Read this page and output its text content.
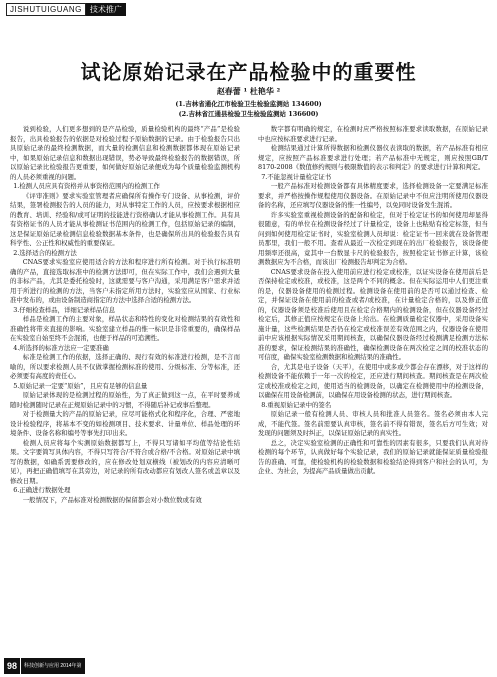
JISHUTUIGUANG	技术推广
试论原始记录在产品检验中的重要性
赵春蕾 ¹ 杜艳华 ²
(1.吉林省通化江市检验卫生检验监测站 134600)
(2.吉林省江通县检验卫生检验监测站 136600)

说到检验，人们更多想到的是产品检验，质量检验机构的最终“产品”是检验报告，出具检验报告的依据是对检验过程予原始数据的记录。由于检验报告只出具原始记录的最终检测数据，而大量的检测信息和检测数据都体现在原始记录中，如果原始记录信息和数据出现错误，势必导致最终检验报告的数据错误，所以原始记录比检验报告更重要，如何做好原始记录便成为每个质量检验监测机构的人员必须重视的问题。

1.检测人员应具有资格并从事资格范围内的检测工作

《评审准则》要求实验室管理者应确保所有操作专门设备、从事检测，评价结果，签署检测报告的人员的能力，对从事特定工作的人员，应按要求根据相应的教育、培训、经验和/或可证明的技能进行资格确认才能从事检测工作。具有具有资格证书的人员才能从事检测证书范围内的检测工作，包括原始记录的编制，这是保证原始记录检测信息检验数据基本条件，也是确保所出具的检验报告具有科学性、公正性和权威性的重要保证。

2.选择适合的检测方法

CNAS要求实验室应使用适合的方法和程序进行所有检测。对于执行标准明确的产品，直接选取标准中的检测方法即可，但在实际工作中，我们会遇到大量的非标产品，尤其是委托检验时，这就需要与客户沟通，采用满足客户需求并适用于所进行的检测的方法，当客户未指定所用方法时，实验室应从国家、行业标准中发布的，或由设备制造商指定的方法中选择合适的检测方法。

3.仔细检查样品，详细记录样品信息

样品是检测工作的主要对象，样品状态和特性的变化对检测结果的有效性和准确性将带来直接的影响。实验室建立样品的惟一标识是非常重要的，确保样品在实验室自始至终不会混淆，也便于样品的可追溯性。

4.所选择的标准方法应一定要准确

标准是检测工作的依据，选择正确的、现行有效的标准进行检测，是不言而喻的，所以要求检测人员不仅做掌握检测标准的使用、分级标准、分等标准，还必须要有高度的责任心。

5.原始记录一定要“原始”，且应有足够的信息量

原始记录体现的是检测过程的原始性，为了真正做到这一点，在平时要养成随时检测随时记录在正规原始记录中的习惯，不得随后补记或事后整理。

对于检测量大的产品的原始记录，应尽可能格式化和程序化，合理、严密地设计检验程序，将基本不变的如检测项目、技术要求、计量单位、样品处理的环境条件、设备名称和编号等事先打印出来。

检测人员应将每个实测原始数据都写上，不得只写诸如平均值等结论性结果。文字要简写具体内容，不得只写符合/不符合或合格/不合格。对原始记录中填写的数据，如确系需要修改的，应在修改处划双横线（被划改的内容应清晰可见），再把正确值填写在其旁边，对记录的所有改动都应有划改人签名或盖章以及修改日期。

6.正确进行数据处理

一般情况下，产品标准对检测数据的保留都会对小数位数或有效

数字都有明确的规定，在检测时应严格按照标准要求读取数据，在原始记录中也应按标准要求进行记录。

检测结果通过计算所得数据和检测仪器仪表读取的数据，若产品标准有相应规定，应按照产品标准要求进行处理；若产品标准中无规定，则应按照GB/T 8170-2008《数值修约规则与极限数值的表示和判定》的要求进行计算和判定。

7.不能忽视计量检定证书

一般产品标准对检测设备都有具体精度要求，选择检测设备一定要满足标准要求，并严格按操作规程使用仪器设备。在原始记录中不但应注明所使用仪器设备的名称，还应填写仪器设备的惟一性编号，以免同时设备发生混淆。

许多实验室重视检测设备的配备和检定，但对于检定证书的如何使用却显得很随意，有的单位在检测设备经过了计量检定，设备上也粘贴有检定标签，但当问到如何使用检定证书时，实验室检测人员却说：检定证书一回来就在设备管理员那里，我们一般不用。查看从最近一次检定到现在的出厂检验报告，该设备使用频率还很高，竟其中一台数显卡尺的检验报告，按照检定证书修正计算，该检测数据应为不合格，而该出厂检测报告却判定为合格。

CNAS要求设备在投入使用前应进行检定或校准，以证实设备在使用前后是否保持检定或校准，或校准，这是两个不同的概念。但在实际运用中人们更注重的是，仪器设备使用的检测过程。检测设备在使用前的是否可以通过检查、检定，并保证设备在使用前的检查或者/或校准，在计量检定合格的，以及修正值的，仪器设备须是校准后使用且在检定合格期内的检测设备，但在仪器设备经过检定后，其修正值应按规定在设备上给出。在检测质量检定仪器中，采用设备实施计量，这些检测结果是否仍在检定或校准误差有效范围之内，仪器设备在使用前中应该根据实际情况采用期间核查，以确保仪器设备经过检测满足检测方法标准的要求，保证检测结果的准确性，确保检测设备在两次检定之间的校准状态的可信度，确保实验室检测数据和检测结果的准确性。

合，尤其是电子设备（天平），在使用中或多或少都会存在漂移，对于这样的检测设备不能依赖于一年一次的检定，还应进行期间核查。期间核查是在两次检定或校准或检定之间，使用适当的检测设备，以确定在检测使用中的检测设备，以确保在用设备检测前，以确保在用设备检测的状态，进行期间核查。

8.重视原始记录中的签名

原始记录一般有检测人员、审核人员和批准人员签名。签名必须由本人完成，不能代签。签名前需要认真审核，签名前不得有错误，签名后方可生效；对发现的问题须及时纠正，以保证原始记录的真实性。

总之，决定实验室检测的正确性和可靠性的因素有很多，只要我们认真对待检测的每个环节，认真做好每个实验记录，我们的原始记录就能保证质量检验报告的准确、可靠，使检验机构的检验数据和检验结论得到客户和社会的认可，为企业、为社会，为提高产品质量做出贡献。

98	科技创新与应用 2014年第
